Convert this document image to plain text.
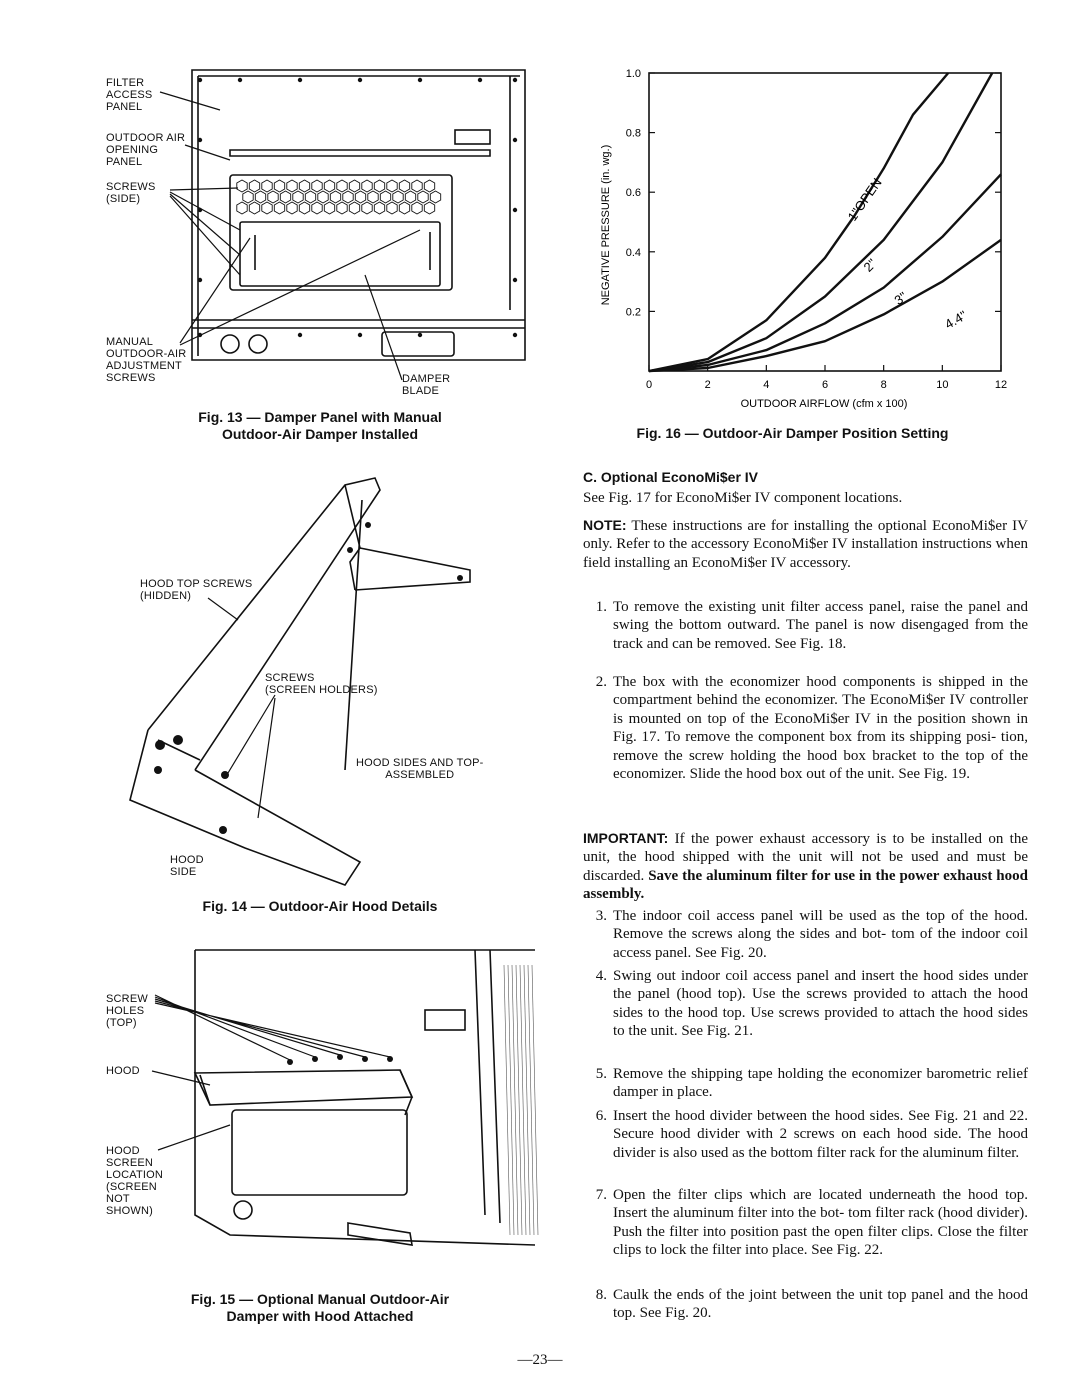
FILTER
ACCESS
PANEL
OUTDOOR AIR
OPENING
PANEL
SCREWS
(SIDE)
MANUAL
OUTDOOR-AIR
ADJUSTMENT
SCREWS	DAMPER
BLADE
Fig. 13 — Damper Panel with Manual
Outdoor-Air Damper Installed
HOOD TOP SCREWS
(HIDDEN)
SCREWS
(SCREEN HOLDERS)
HOOD SIDES AND TOP-
ASSEMBLED
HOOD
SIDE
Fig. 14 — Outdoor-Air Hood Details
SCREW
HOLES
(TOP)
HOOD
HOOD
SCREEN
LOCATION
(SCREEN
NOT
SHOWN)
Fig. 15 — Optional Manual Outdoor-Air
Damper with Hood Attached
0.2
0.4
0.6
0.8
1.0
0	2	4	6	8	10	12
1"OPEN
2"
3"
4.4"
NEGATIVE PRESSURE (in. wg.)
OUTDOOR AIRFLOW (cfm x 100)
Fig. 16 — Outdoor-Air Damper Position Setting
C. Optional EconoMi$er IV
See Fig. 17 for EconoMi$er IV component locations.
NOTE: These instructions are for installing the optional EconoMi$er IV only. Refer to the accessory EconoMi$er IV installation instructions when field installing an EconoMi$er IV accessory.
1. To remove the existing unit filter access panel, raise the panel and swing the bottom outward. The panel is now disengaged from the track and can be removed. See Fig. 18.
2. The box with the economizer hood components is shipped in the compartment behind the economizer. The EconoMi$er IV controller is mounted on top of the EconoMi$er IV in the position shown in Fig. 17. To remove the component box from its shipping posi- tion, remove the screw holding the hood box bracket to the top of the economizer. Slide the hood box out of the unit. See Fig. 19.
IMPORTANT: If the power exhaust accessory is to be installed on the unit, the hood shipped with the unit will not be used and must be discarded. Save the aluminum filter for use in the power exhaust hood assembly.
3. The indoor coil access panel will be used as the top of the hood. Remove the screws along the sides and bot- tom of the indoor coil access panel. See Fig. 20.
4. Swing out indoor coil access panel and insert the hood sides under the panel (hood top). Use the screws provided to attach the hood sides to the hood top. Use screws provided to attach the hood sides to the unit. See Fig. 21.
5. Remove the shipping tape holding the economizer barometric relief damper in place.
6. Insert the hood divider between the hood sides. See Fig. 21 and 22. Secure hood divider with 2 screws on each hood side. The hood divider is also used as the bottom filter rack for the aluminum filter.
7. Open the filter clips which are located underneath the hood top. Insert the aluminum filter into the bot- tom filter rack (hood divider). Push the filter into position past the open filter clips. Close the filter clips to lock the filter into place. See Fig. 22.
8. Caulk the ends of the joint between the unit top panel and the hood top. See Fig. 20.
—23—
